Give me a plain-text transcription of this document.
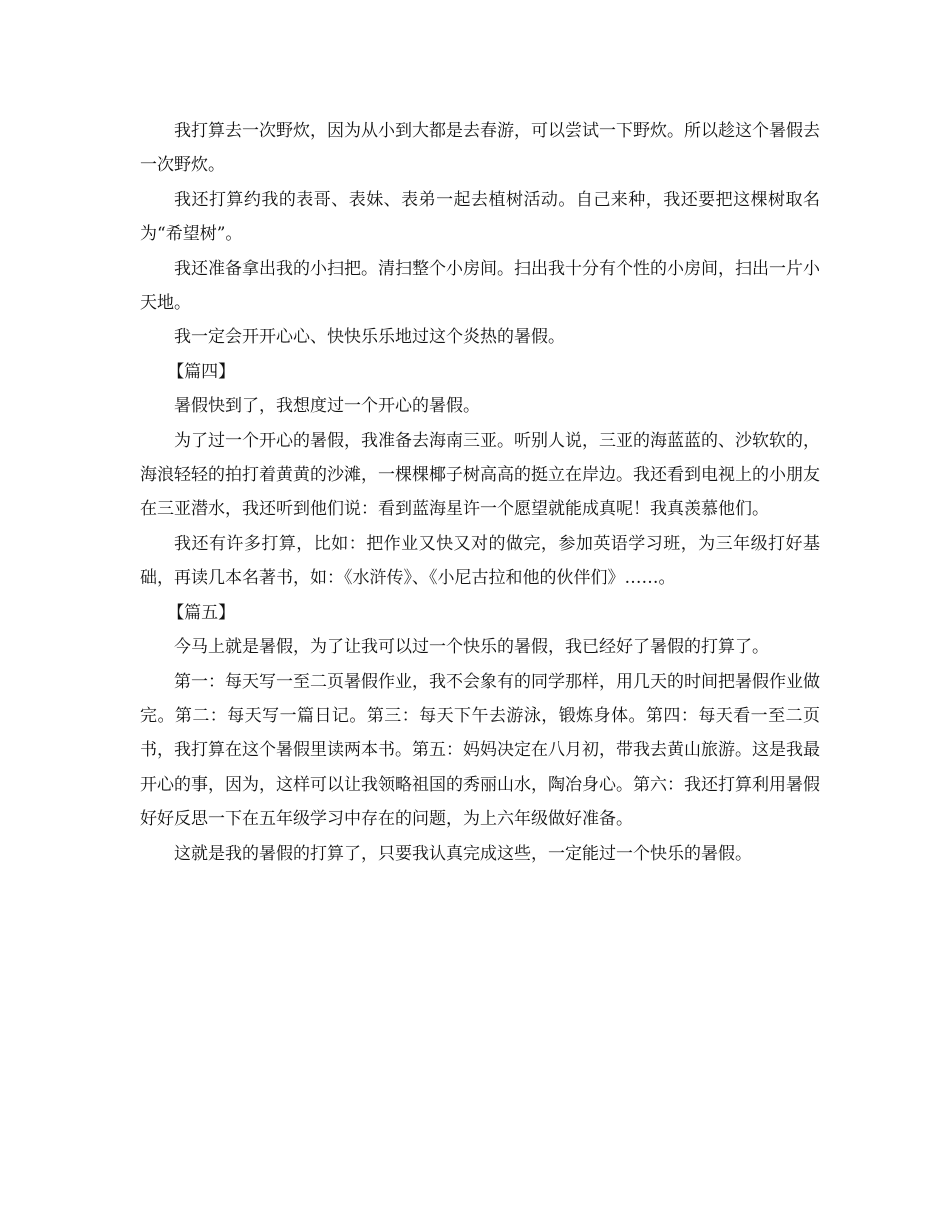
我打算去一次野炊，因为从小到大都是去春游，可以尝试一下野炊。所以趁这个暑假去一次野炊。

我还打算约我的表哥、表妹、表弟一起去植树活动。自己来种，我还要把这棵树取名为“希望树”。

我还准备拿出我的小扫把。清扫整个小房间。扫出我十分有个性的小房间，扫出一片小天地。

我一定会开开心心、快快乐乐地过这个炎热的暑假。

【篇四】

暑假快到了，我想度过一个开心的暑假。

为了过一个开心的暑假，我准备去海南三亚。听别人说，三亚的海蓝蓝的、沙软软的，海浪轻轻的拍打着黄黄的沙滩，一棵棵椰子树高高的挺立在岸边。我还看到电视上的小朋友在三亚潜水，我还听到他们说：看到蓝海星许一个愿望就能成真呢！我真羡慕他们。

我还有许多打算，比如：把作业又快又对的做完，参加英语学习班，为三年级打好基础，再读几本名著书，如：《水浒传》、《小尼古拉和他的伙伴们》……。

【篇五】

今马上就是暑假，为了让我可以过一个快乐的暑假，我已经好了暑假的打算了。

第一：每天写一至二页暑假作业，我不会象有的同学那样，用几天的时间把暑假作业做完。第二：每天写一篇日记。第三：每天下午去游泳，锻炼身体。第四：每天看一至二页书，我打算在这个暑假里读两本书。第五：妈妈决定在八月初，带我去黄山旅游。这是我最开心的事，因为，这样可以让我领略祖国的秀丽山水，陶冶身心。第六：我还打算利用暑假好好反思一下在五年级学习中存在的问题，为上六年级做好准备。

这就是我的暑假的打算了，只要我认真完成这些，一定能过一个快乐的暑假。
